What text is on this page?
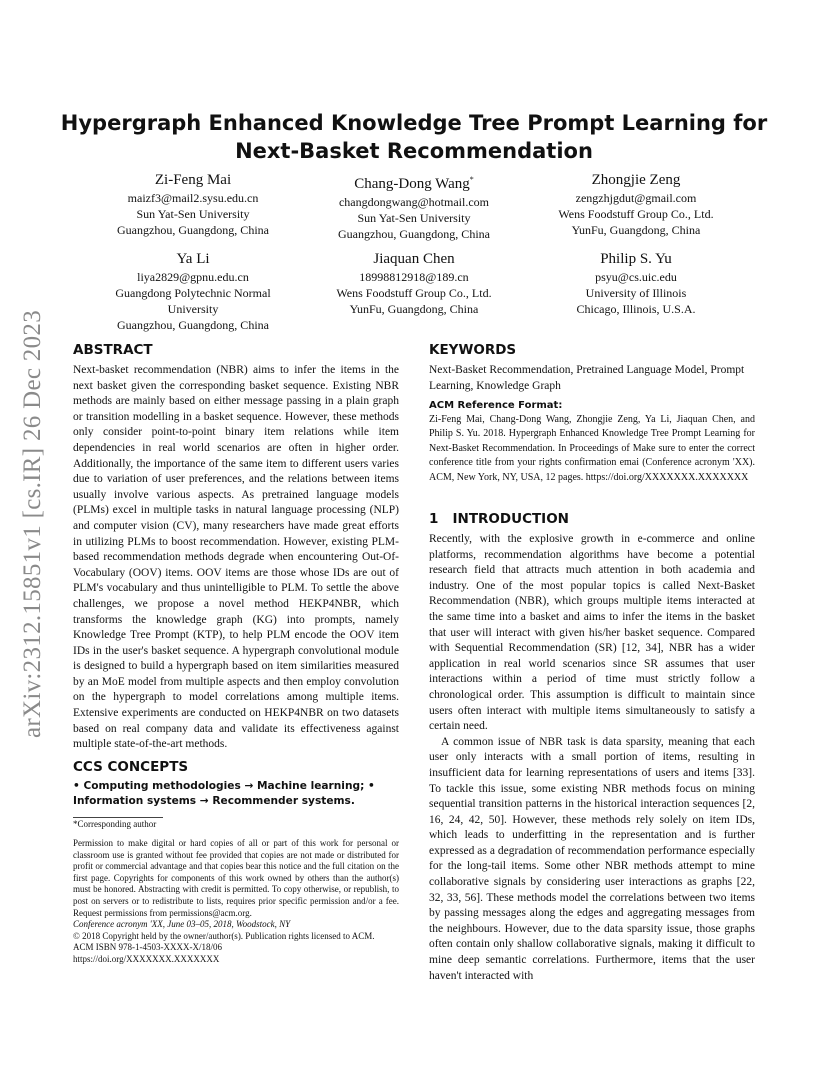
arXiv:2312.15851v1 [cs.IR] 26 Dec 2023
Hypergraph Enhanced Knowledge Tree Prompt Learning for
Next-Basket Recommendation
Zi-Feng Mai
maizf3@mail2.sysu.edu.cn
Sun Yat-Sen University
Guangzhou, Guangdong, China
Chang-Dong Wang*
changdongwang@hotmail.com
Sun Yat-Sen University
Guangzhou, Guangdong, China
Zhongjie Zeng
zengzhjgdut@gmail.com
Wens Foodstuff Group Co., Ltd.
YunFu, Guangdong, China
Ya Li
liya2829@gpnu.edu.cn
Guangdong Polytechnic Normal
University
Guangzhou, Guangdong, China
Jiaquan Chen
18998812918@189.cn
Wens Foodstuff Group Co., Ltd.
YunFu, Guangdong, China
Philip S. Yu
psyu@cs.uic.edu
University of Illinois
Chicago, Illinois, U.S.A.
ABSTRACT

Next-basket recommendation (NBR) aims to infer the items in the next basket given the corresponding basket sequence. Existing NBR methods are mainly based on either message passing in a plain graph or transition modelling in a basket sequence. However, these methods only consider point-to-point binary item relations while item dependencies in real world scenarios are often in higher order. Additionally, the importance of the same item to different users varies due to variation of user preferences, and the relations between items usually involve various aspects. As pretrained language models (PLMs) excel in multiple tasks in natural language processing (NLP) and computer vision (CV), many researchers have made great efforts in utilizing PLMs to boost recommendation. However, existing PLM-based recommendation methods degrade when encountering Out-Of-Vocabulary (OOV) items. OOV items are those whose IDs are out of PLM's vocabulary and thus unintelligible to PLM. To settle the above challenges, we propose a novel method HEKP4NBR, which transforms the knowledge graph (KG) into prompts, namely Knowledge Tree Prompt (KTP), to help PLM encode the OOV item IDs in the user's basket sequence. A hypergraph convolutional module is designed to build a hypergraph based on item similarities measured by an MoE model from multiple aspects and then employ convolution on the hypergraph to model correlations among multiple items. Extensive experiments are conducted on HEKP4NBR on two datasets based on real company data and validate its effectiveness against multiple state-of-the-art methods.

CCS CONCEPTS

• Computing methodologies → Machine learning; • Information systems → Recommender systems.

*Corresponding author
Permission to make digital or hard copies of all or part of this work for personal or classroom use is granted without fee provided that copies are not made or distributed for profit or commercial advantage and that copies bear this notice and the full citation on the first page. Copyrights for components of this work owned by others than the author(s) must be honored. Abstracting with credit is permitted. To copy otherwise, or republish, to post on servers or to redistribute to lists, requires prior specific permission and/or a fee. Request permissions from permissions@acm.org.
Conference acronym 'XX, June 03–05, 2018, Woodstock, NY
© 2018 Copyright held by the owner/author(s). Publication rights licensed to ACM.
ACM ISBN 978-1-4503-XXXX-X/18/06
https://doi.org/XXXXXXX.XXXXXXX
KEYWORDS

Next-Basket Recommendation, Pretrained Language Model, Prompt Learning, Knowledge Graph

ACM Reference Format:

Zi-Feng Mai, Chang-Dong Wang, Zhongjie Zeng, Ya Li, Jiaquan Chen, and Philip S. Yu. 2018. Hypergraph Enhanced Knowledge Tree Prompt Learning for Next-Basket Recommendation. In Proceedings of Make sure to enter the correct conference title from your rights confirmation emai (Conference acronym 'XX). ACM, New York, NY, USA, 12 pages. https://doi.org/XXXXXXX.XXXXXXX

1   INTRODUCTION

Recently, with the explosive growth in e-commerce and online platforms, recommendation algorithms have become a potential research field that attracts much attention in both academia and industry. One of the most popular topics is called Next-Basket Recommendation (NBR), which groups multiple items interacted at the same time into a basket and aims to infer the items in the basket that user will interact with given his/her basket sequence. Compared with Sequential Recommendation (SR) [12, 34], NBR has a wider application in real world scenarios since SR assumes that user interactions within a period of time must strictly follow a chronological order. This assumption is difficult to maintain since users often interact with multiple items simultaneously to satisfy a certain need.

A common issue of NBR task is data sparsity, meaning that each user only interacts with a small portion of items, resulting in insufficient data for learning representations of users and items [33]. To tackle this issue, some existing NBR methods focus on mining sequential transition patterns in the historical interaction sequences [2, 16, 24, 42, 50]. However, these methods rely solely on item IDs, which leads to underfitting in the representation and is further expressed as a degradation of recommendation performance especially for the long-tail items. Some other NBR methods attempt to mine collaborative signals by considering user interactions as graphs [22, 32, 33, 56]. These methods model the correlations between two items by passing messages along the edges and aggregating messages from the neighbours. However, due to the data sparsity issue, those graphs often contain only shallow collaborative signals, making it difficult to mine deep semantic correlations. Furthermore, items that the user haven't interacted with
